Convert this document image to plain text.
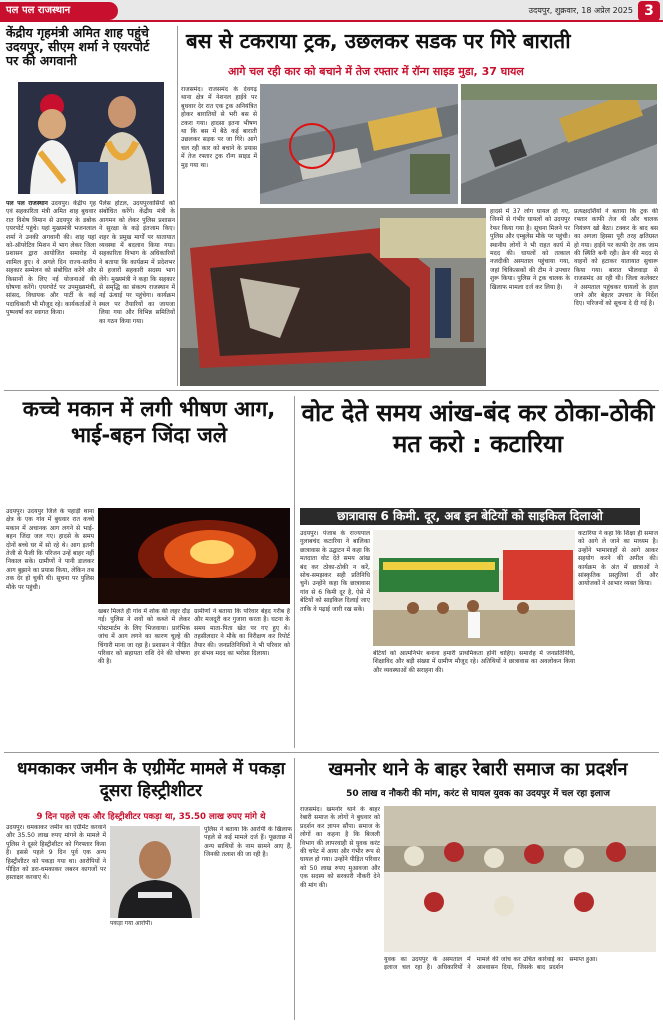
पल पल राजस्थान	उदयपुर, शुक्रवार, 18 अप्रेल 2025 3
केंद्रीय गृहमंत्री अमित शाह पहुंचे उदयपुर, सीएम शर्मा ने एयरपोर्ट पर की अगवानी
पल पल राजस्थान उदयपुर। केंद्रीय गृह एवं सहकारिता मंत्री अमित शाह बुधवार रात विशेष विमान से उदयपुर के डबोक एयरपोर्ट पहुंचे। यहां मुख्यमंत्री भजनलाल शर्मा ने उनकी अगवानी की। शाह यहां को-ऑपरेटिव मिशन में भाग लेकर जिला प्रशासन द्वारा आयोजित समारोह में शामिल हुए। वे अगले दिन राज्य-स्तरीय सहकार सम्मेलन को संबोधित करेंगे और किसानों के लिए नई योजनाओं की घोषणा करेंगे। एयरपोर्ट पर उपमुख्यमंत्री, सांसद, विधायक और पार्टी के कई पदाधिकारी भी मौजूद रहे। कार्यकर्ताओं ने पुष्पवर्षा कर स्वागत किया।
पैलेस होटल, उदयपुरवासियों को संबोधित करेंगे। केंद्रीय मंत्री के आगमन को लेकर पुलिस प्रशासन ने सुरक्षा के कड़े इंतजाम किए। शहर के प्रमुख मार्गों पर यातायात व्यवस्था में बदलाव किया गया। सहकारिता विभाग के अधिकारियों ने बताया कि कार्यक्रम में प्रदेशभर से हजारों सहकारी सदस्य भाग लेंगे। मुख्यमंत्री ने कहा कि सहकार से समृद्धि का संकल्प राजस्थान में नई ऊंचाई पर पहुंचेगा। कार्यक्रम स्थल पर तैयारियों का जायजा लिया गया और विभिन्न समितियों का गठन किया गया।
बस से टकराया ट्रक, उछलकर सडक पर गिरे बाराती
आगे चल रही कार को बचाने में तेज रफ्तार में रॉन्ग साइड मुडा, 37 घायल
राजसमंद। राजसमंद के देवगढ़ थाना क्षेत्र में नेशनल हाईवे पर बुधवार देर रात एक ट्रक अनियंत्रित होकर बारातियों से भरी बस से टकरा गया। हादसा इतना भीषण था कि बस में बैठे कई बाराती उछलकर सड़क पर जा गिरे। आगे चल रही कार को बचाने के प्रयास में तेज रफ्तार ट्रक रॉन्ग साइड में मुड़ गया था।
हादसे में 37 लोग घायल हो गए, जिनमें से गंभीर घायलों को उदयपुर रेफर किया गया है। सूचना मिलने पर पुलिस और एम्बुलेंस मौके पर पहुंची। स्थानीय लोगों ने भी राहत कार्य में मदद की। घायलों को तत्काल नजदीकी अस्पताल पहुंचाया गया, जहां चिकित्सकों की टीम ने उपचार शुरू किया। पुलिस ने ट्रक चालक के खिलाफ मामला दर्ज कर लिया है।
प्रत्यक्षदर्शियों ने बताया कि ट्रक की रफ्तार काफी तेज थी और चालक नियंत्रण खो बैठा। टक्कर के बाद बस का अगला हिस्सा पूरी तरह क्षतिग्रस्त हो गया। हाईवे पर काफी देर तक जाम की स्थिति बनी रही। क्रेन की मदद से वाहनों को हटाकर यातायात सुचारू किया गया। बारात भीलवाड़ा से राजसमंद आ रही थी। जिला कलेक्टर ने अस्पताल पहुंचकर घायलों के हाल जाने और बेहतर उपचार के निर्देश दिए। परिजनों को सूचना दे दी गई है।
कच्चे मकान में लगी भीषण आग, भाई-बहन जिंदा जले
उदयपुर। उदयपुर जिले के पहाड़ी थाना क्षेत्र के एक गांव में बुधवार रात कच्चे मकान में अचानक आग लगने से भाई-बहन जिंदा जल गए। हादसे के समय दोनों बच्चे घर में सो रहे थे। आग इतनी तेजी से फैली कि परिजन उन्हें बाहर नहीं निकाल सके। ग्रामीणों ने पानी डालकर आग बुझाने का प्रयास किया, लेकिन तब तक देर हो चुकी थी। सूचना पर पुलिस मौके पर पहुंची।
खबर मिलते ही गांव में शोक की लहर दौड़ गई। पुलिस ने शवों को कब्जे में लेकर पोस्टमार्टम के लिए भिजवाया। प्रारंभिक जांच में आग लगने का कारण चूल्हे की चिंगारी माना जा रहा है। प्रशासन ने पीड़ित परिवार को सहायता राशि देने की घोषणा की है।
ग्रामीणों ने बताया कि परिवार बेहद गरीब है और मजदूरी कर गुजारा करता है। घटना के समय माता-पिता खेत पर गए हुए थे। तहसीलदार ने मौके का निरीक्षण कर रिपोर्ट तैयार की। जनप्रतिनिधियों ने भी परिवार को हर संभव मदद का भरोसा दिलाया।
वोट देते समय आंख-बंद कर ठोका-ठोकी मत करो : कटारिया
छात्रावास 6 किमी. दूर, अब इन बेटियों को साइकिल दिलाओ
उदयपुर। पंजाब के राज्यपाल गुलाबचंद कटारिया ने बालिका छात्रावास के उद्घाटन में कहा कि मतदाता वोट देते समय आंख बंद कर ठोका-ठोकी न करें, सोच-समझकर सही प्रतिनिधि चुनें। उन्होंने कहा कि छात्रावास गांव से 6 किमी दूर है, ऐसे में बेटियों को साइकिल दिलाई जाए ताकि वे पढ़ाई जारी रख सकें।
बेटियों को आत्मनिर्भर बनाना हमारी प्राथमिकता होनी चाहिए। समारोह में जनप्रतिनिधि, शिक्षाविद और बड़ी संख्या में ग्रामीण मौजूद रहे। अतिथियों ने छात्रावास का अवलोकन किया और व्यवस्थाओं की सराहना की।
कटारिया ने कहा कि शिक्षा ही समाज को आगे ले जाने का माध्यम है। उन्होंने भामाशाहों से आगे आकर सहयोग करने की अपील की। कार्यक्रम के अंत में छात्राओं ने सांस्कृतिक प्रस्तुतियां दीं और आयोजकों ने आभार व्यक्त किया।
धमकाकर जमीन के एग्रीमेंट मामले में पकड़ा दूसरा हिस्ट्रीशीटर
9 दिन पहले एक और हिस्ट्रीशीटर पकड़ा था, 35.50 लाख रुपए मांगे थे
उदयपुर। धमकाकर जमीन का एग्रीमेंट करवाने और 35.50 लाख रुपए मांगने के मामले में पुलिस ने दूसरे हिस्ट्रीशीटर को गिरफ्तार किया है। इससे पहले 9 दिन पूर्व एक अन्य हिस्ट्रीशीटर को पकड़ा गया था। आरोपियों ने पीड़ित को डरा-धमकाकर जबरन कागजों पर हस्ताक्षर करवाए थे।
पकड़ा गया आरोपी।
पुलिस ने बताया कि आरोपी के खिलाफ पहले से कई मामले दर्ज हैं। पूछताछ में अन्य साथियों के नाम सामने आए हैं, जिनकी तलाश की जा रही है।
खमनोर थाने के बाहर रेबारी समाज का प्रदर्शन
50 लाख व नौकरी की मांग, करंट से घायल युवक का उदयपुर में चल रहा इलाज
राजसमंद। खमनोर थाने के बाहर रेबारी समाज के लोगों ने बुधवार को प्रदर्शन कर ज्ञापन सौंपा। समाज के लोगों का कहना है कि बिजली विभाग की लापरवाही से युवक करंट की चपेट में आया और गंभीर रूप से घायल हो गया। उन्होंने पीड़ित परिवार को 50 लाख रुपए मुआवजा और एक सदस्य को सरकारी नौकरी देने की मांग की।
युवक का उदयपुर के अस्पताल में इलाज चल रहा है। अधिकारियों ने मामले की जांच कर उचित कार्रवाई का आश्वासन दिया, जिसके बाद प्रदर्शन समाप्त हुआ।
